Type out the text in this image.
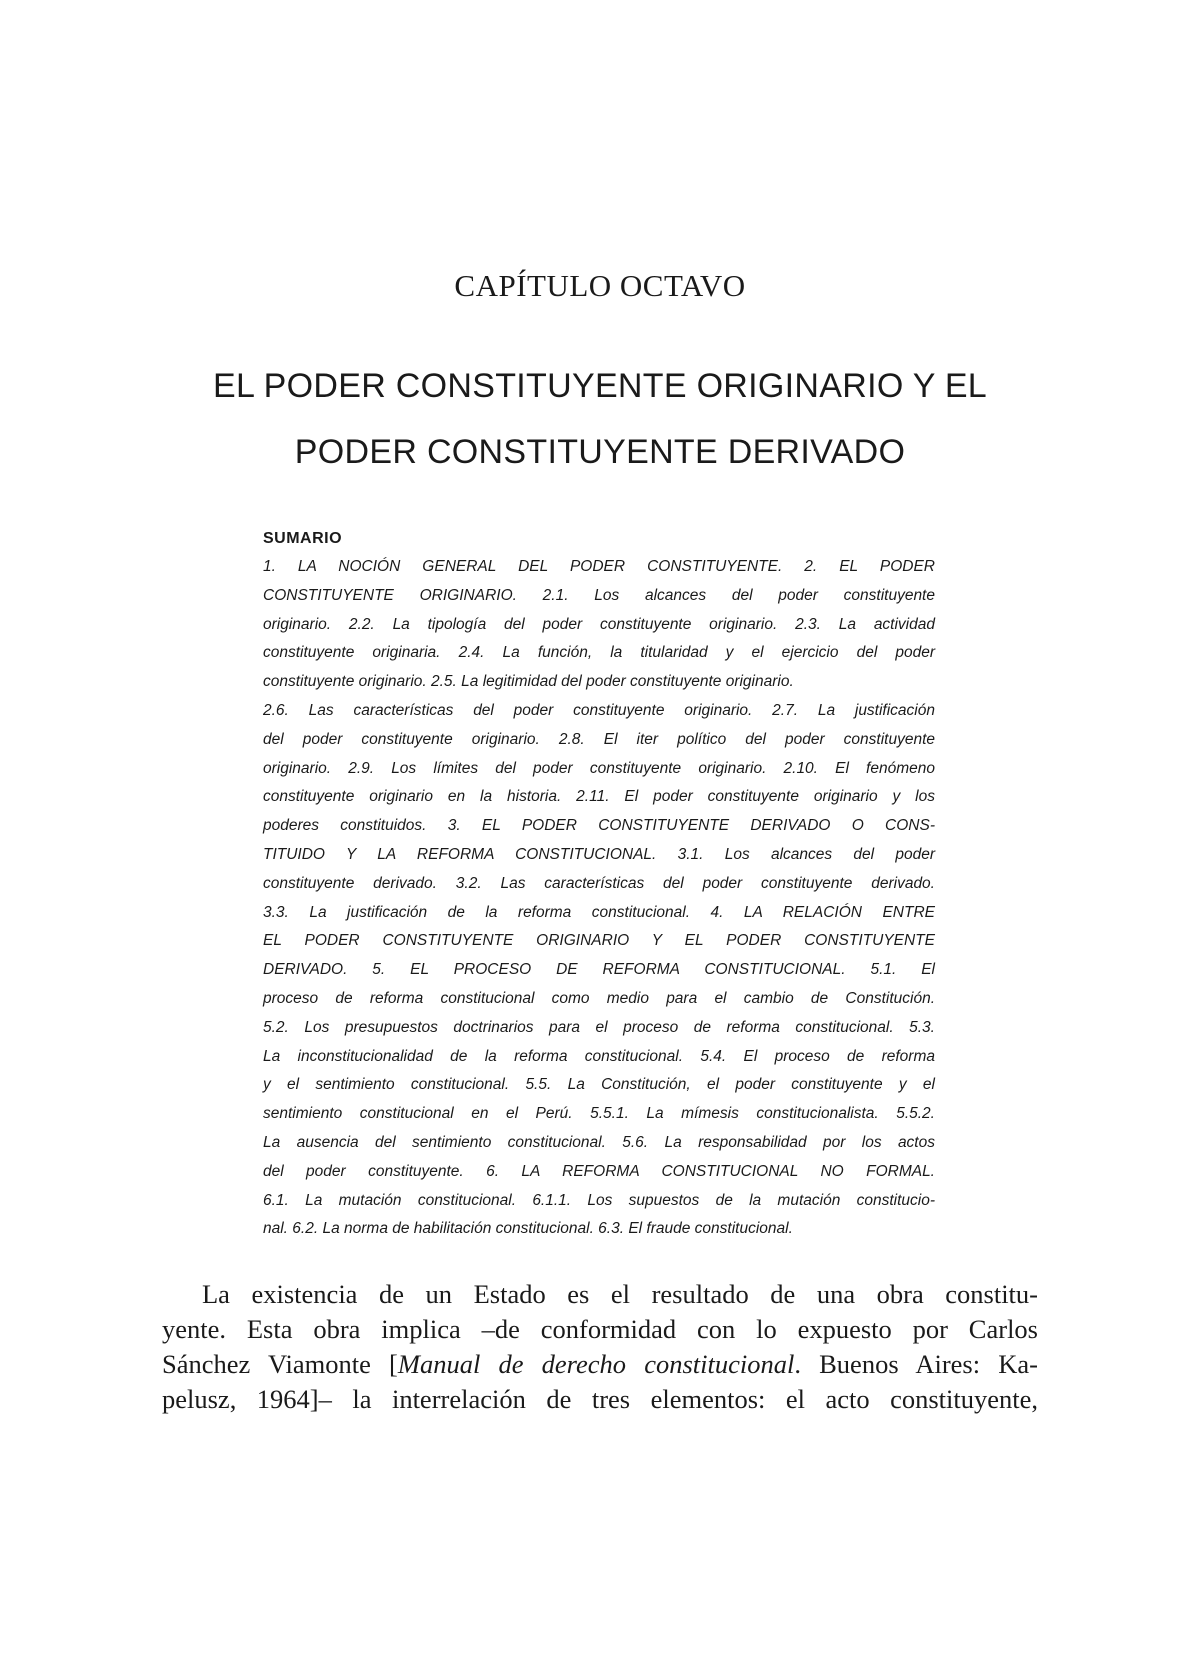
CAPÍTULO OCTAVO
EL PODER CONSTITUYENTE ORIGINARIO Y EL
PODER CONSTITUYENTE DERIVADO
SUMARIO
1. LA NOCIÓN GENERAL DEL PODER CONSTITUYENTE. 2. EL PODER
CONSTITUYENTE ORIGINARIO. 2.1. Los alcances del poder constituyente
originario. 2.2. La tipología del poder constituyente originario. 2.3. La actividad
constituyente originaria. 2.4. La función, la titularidad y el ejercicio del poder
constituyente originario. 2.5. La legitimidad del poder constituyente originario.
2.6. Las características del poder constituyente originario. 2.7. La justificación
del poder constituyente originario. 2.8. El iter político del poder constituyente
originario. 2.9. Los límites del poder constituyente originario. 2.10. El fenómeno
constituyente originario en la historia. 2.11. El poder constituyente originario y los
poderes constituidos. 3. EL PODER CONSTITUYENTE DERIVADO O CONS-
TITUIDO Y LA REFORMA CONSTITUCIONAL. 3.1. Los alcances del poder
constituyente derivado. 3.2. Las características del poder constituyente derivado.
3.3. La justificación de la reforma constitucional. 4. LA RELACIÓN ENTRE
EL PODER CONSTITUYENTE ORIGINARIO Y EL PODER CONSTITUYENTE
DERIVADO. 5. EL PROCESO DE REFORMA CONSTITUCIONAL. 5.1. El
proceso de reforma constitucional como medio para el cambio de Constitución.
5.2. Los presupuestos doctrinarios para el proceso de reforma constitucional. 5.3.
La inconstitucionalidad de la reforma constitucional. 5.4. El proceso de reforma
y el sentimiento constitucional. 5.5. La Constitución, el poder constituyente y el
sentimiento constitucional en el Perú. 5.5.1. La mímesis constitucionalista. 5.5.2.
La ausencia del sentimiento constitucional. 5.6. La responsabilidad por los actos
del poder constituyente. 6. LA REFORMA CONSTITUCIONAL NO FORMAL.
6.1. La mutación constitucional. 6.1.1. Los supuestos de la mutación constitucio-
nal. 6.2. La norma de habilitación constitucional. 6.3. El fraude constitucional.
La existencia de un Estado es el resultado de una obra constitu-
yente. Esta obra implica –de conformidad con lo expuesto por Carlos
Sánchez Viamonte [Manual de derecho constitucional. Buenos Aires: Ka-
pelusz, 1964]– la interrelación de tres elementos: el acto constituyente,
